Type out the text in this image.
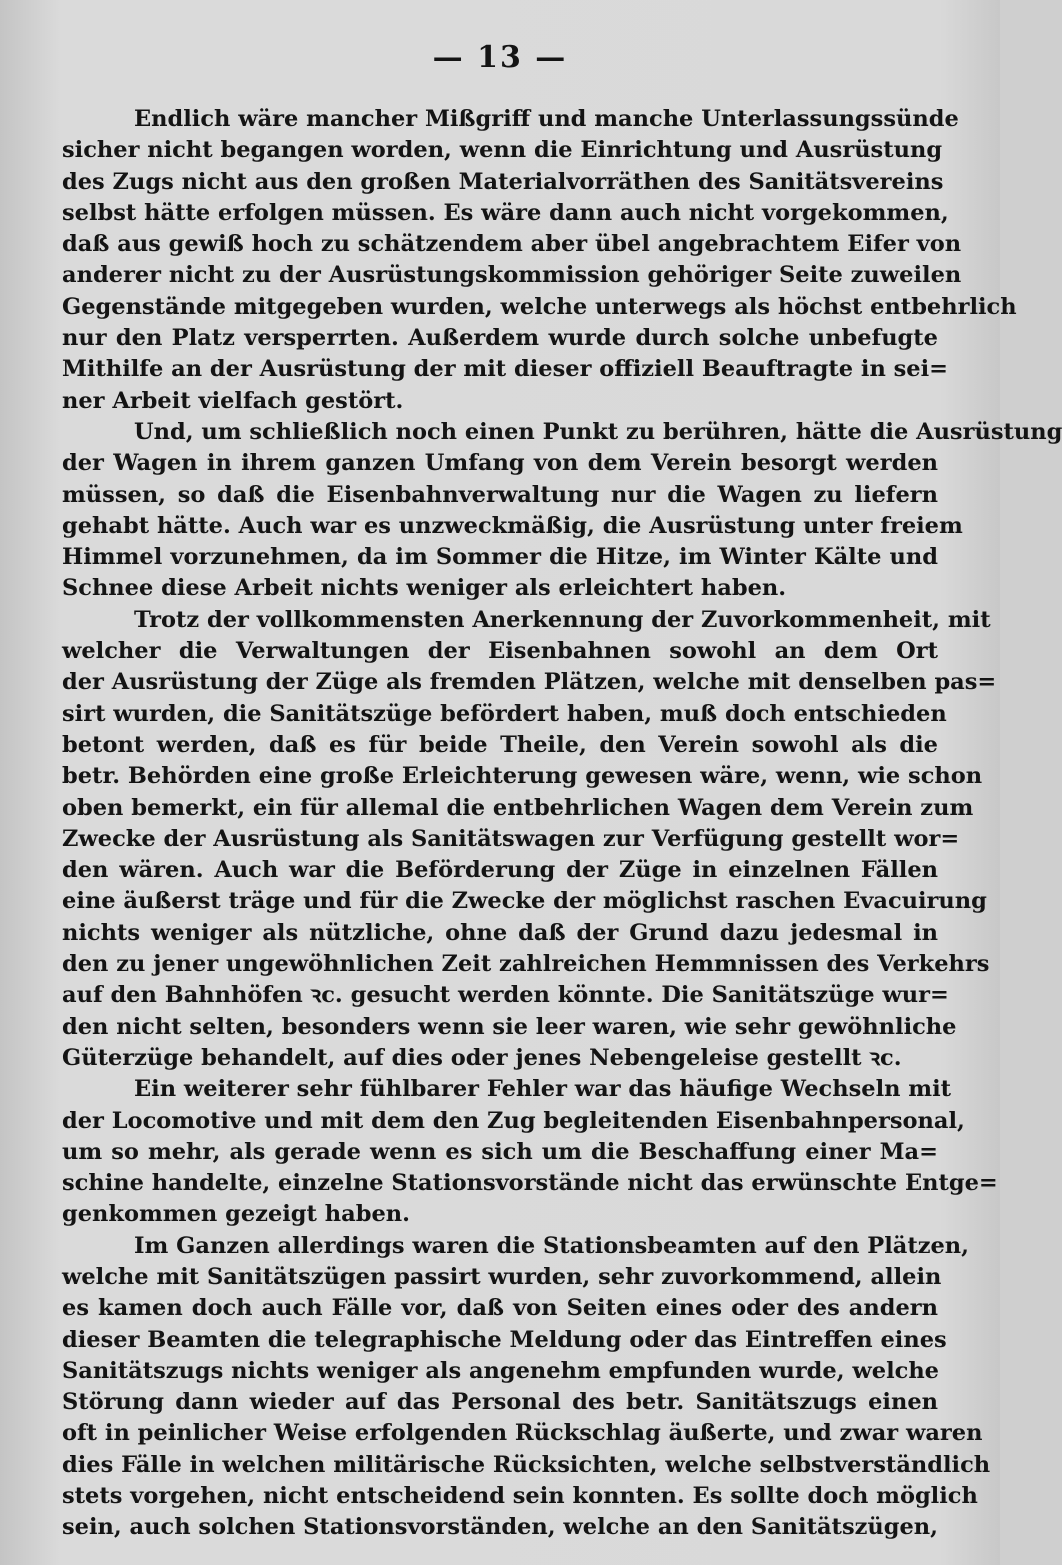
— 13 —
Endlich wäre mancher Mißgriff und manche Unterlassungssünde
sicher nicht begangen worden, wenn die Einrichtung und Ausrüstung
des Zugs nicht aus den großen Materialvorräthen des Sanitätsvereins
selbst hätte erfolgen müssen. Es wäre dann auch nicht vorgekommen,
daß aus gewiß hoch zu schätzendem aber übel angebrachtem Eifer von
anderer nicht zu der Ausrüstungskommission gehöriger Seite zuweilen
Gegenstände mitgegeben wurden, welche unterwegs als höchst entbehrlich
nur den Platz versperrten. Außerdem wurde durch solche unbefugte
Mithilfe an der Ausrüstung der mit dieser offiziell Beauftragte in sei=
ner Arbeit vielfach gestört.
Und, um schließlich noch einen Punkt zu berühren, hätte die Ausrüstung
der Wagen in ihrem ganzen Umfang von dem Verein besorgt werden
müssen, so daß die Eisenbahnverwaltung nur die Wagen zu liefern
gehabt hätte. Auch war es unzweckmäßig, die Ausrüstung unter freiem
Himmel vorzunehmen, da im Sommer die Hitze, im Winter Kälte und
Schnee diese Arbeit nichts weniger als erleichtert haben.
Trotz der vollkommensten Anerkennung der Zuvorkommenheit, mit
welcher die Verwaltungen der Eisenbahnen sowohl an dem Ort
der Ausrüstung der Züge als fremden Plätzen, welche mit denselben pas=
sirt wurden, die Sanitätszüge befördert haben, muß doch entschieden
betont werden, daß es für beide Theile, den Verein sowohl als die
betr. Behörden eine große Erleichterung gewesen wäre, wenn, wie schon
oben bemerkt, ein für allemal die entbehrlichen Wagen dem Verein zum
Zwecke der Ausrüstung als Sanitätswagen zur Verfügung gestellt wor=
den wären. Auch war die Beförderung der Züge in einzelnen Fällen
eine äußerst träge und für die Zwecke der möglichst raschen Evacuirung
nichts weniger als nützliche, ohne daß der Grund dazu jedesmal in
den zu jener ungewöhnlichen Zeit zahlreichen Hemmnissen des Verkehrs
auf den Bahnhöfen ꝛc. gesucht werden könnte. Die Sanitätszüge wur=
den nicht selten, besonders wenn sie leer waren, wie sehr gewöhnliche
Güterzüge behandelt, auf dies oder jenes Nebengeleise gestellt ꝛc.
Ein weiterer sehr fühlbarer Fehler war das häufige Wechseln mit
der Locomotive und mit dem den Zug begleitenden Eisenbahnpersonal,
um so mehr, als gerade wenn es sich um die Beschaffung einer Ma=
schine handelte, einzelne Stationsvorstände nicht das erwünschte Entge=
genkommen gezeigt haben.
Im Ganzen allerdings waren die Stationsbeamten auf den Plätzen,
welche mit Sanitätszügen passirt wurden, sehr zuvorkommend, allein
es kamen doch auch Fälle vor, daß von Seiten eines oder des andern
dieser Beamten die telegraphische Meldung oder das Eintreffen eines
Sanitätszugs nichts weniger als angenehm empfunden wurde, welche
Störung dann wieder auf das Personal des betr. Sanitätszugs einen
oft in peinlicher Weise erfolgenden Rückschlag äußerte, und zwar waren
dies Fälle in welchen militärische Rücksichten, welche selbstverständlich
stets vorgehen, nicht entscheidend sein konnten. Es sollte doch möglich
sein, auch solchen Stationsvorständen, welche an den Sanitätszügen,
